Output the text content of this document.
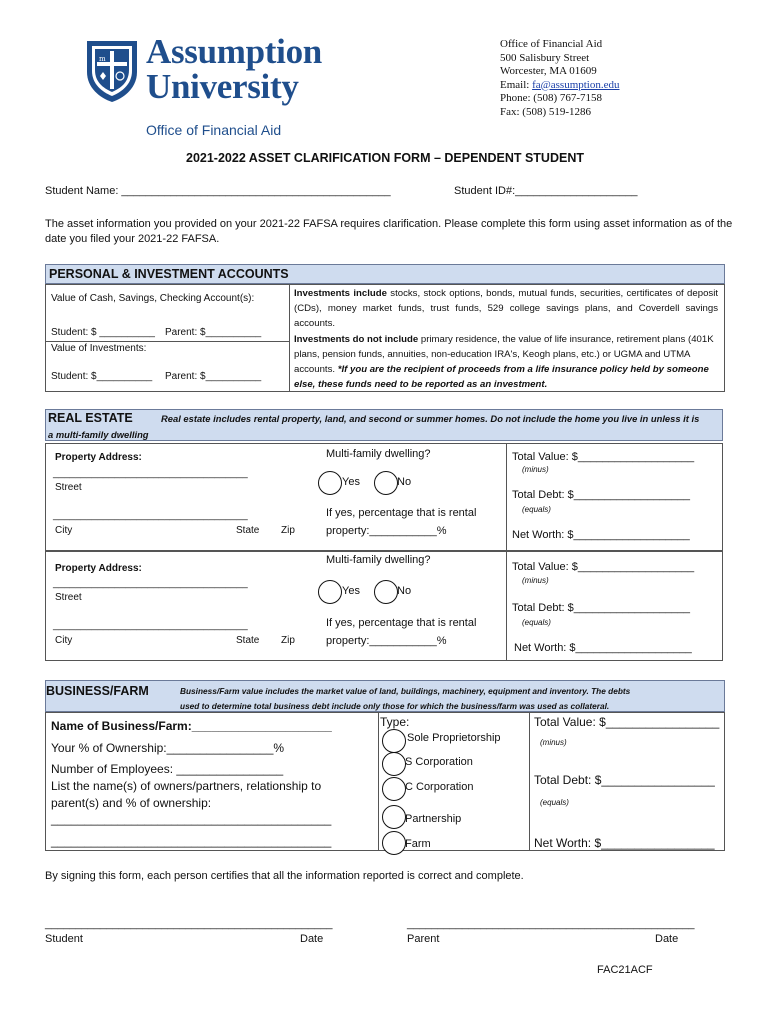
m Assumption
University
Office of Financial Aid
Office of Financial Aid
500 Salisbury Street
Worcester, MA 01609
Email: fa@assumption.edu
Phone: (508) 767-7158
Fax: (508) 519-1286
2021-2022 ASSET CLARIFICATION FORM – DEPENDENT STUDENT
Student Name: ____________________________________________	Student ID#:____________________
The asset information you provided on your 2021-22 FAFSA requires clarification. Please complete this form using asset information as of the date you filed your 2021-22 FAFSA.
PERSONAL & INVESTMENT ACCOUNTS
Value of Cash, Savings, Checking Account(s):
Student: $ __________ Parent: $__________
Value of Investments:
Student: $__________ Parent: $__________
Investments include stocks, stock options, bonds, mutual funds, securities, certificates of deposit (CDs), money market funds, trust funds, 529 college savings plans, and Coverdell savings accounts.
Investments do not include primary residence, the value of life insurance, retirement plans (401K plans, pension funds, annuities, non-education IRA's, Keogh plans, etc.) or UGMA and UTMA accounts. *If you are the recipient of proceeds from a life insurance policy held by someone else, these funds need to be reported as an investment.
REAL ESTATE	Real estate includes rental property, land, and second or summer homes. Do not include the home you live in unless it is
a multi-family dwelling
Property Address:
___________________________________
Street
___________________________________
City	State Zip
Multi-family dwelling?
Yes	No
If yes, percentage that is rental
property:___________%
Total Value: $___________________
(minus)
Total Debt: $___________________
(equals)
Net Worth: $___________________
Property Address:
___________________________________
Street
___________________________________
City	State Zip
Multi-family dwelling?
Yes	No
If yes, percentage that is rental
property:___________%
Total Value: $___________________
(minus)
Total Debt: $___________________
(equals)
Net Worth: $___________________
BUSINESS/FARM	Business/Farm value includes the market value of land, buildings, machinery, equipment and inventory. The debts
used to determine total business debt include only those for which the business/farm was used as collateral.
Name of Business/Farm:_____________________
Your % of Ownership:________________%
Number of Employees: ________________
List the name(s) of owners/partners, relationship to
parent(s) and % of ownership:
__________________________________________
__________________________________________
Type:
Sole Proprietorship
S Corporation
C Corporation
Partnership
Farm
Total Value: $_________________
(minus)
Total Debt: $_________________
(equals)
Net Worth: $_________________
By signing this form, each person certifies that all the information reported is correct and complete.
_______________________________________________
Student	Date
_______________________________________________
Parent	Date
FAC21ACF
